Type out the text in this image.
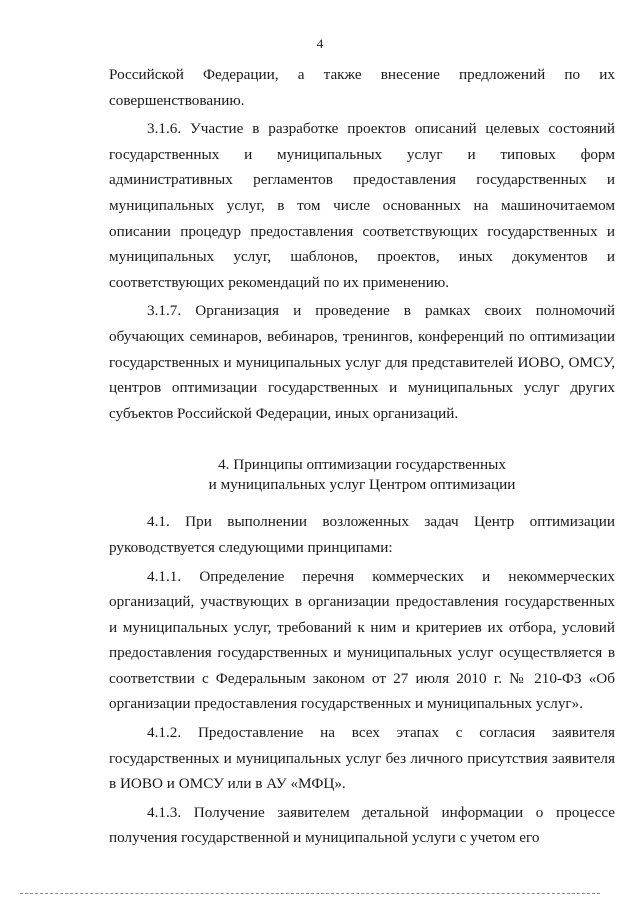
4

Российской Федерации, а также внесение предложений по их совершенствованию.

3.1.6. Участие в разработке проектов описаний целевых состояний государственных и муниципальных услуг и типовых форм административных регламентов предоставления государственных и муниципальных услуг, в том числе основанных на машиночитаемом описании процедур предоставления соответствующих государственных и муниципальных услуг, шаблонов, проектов, иных документов и соответствующих рекомендаций по их применению.

3.1.7. Организация и проведение в рамках своих полномочий обучающих семинаров, вебинаров, тренингов, конференций по оптимизации государственных и муниципальных услуг для представителей ИОВО, ОМСУ, центров оптимизации государственных и муниципальных услуг других субъектов Российской Федерации, иных организаций.

4. Принципы оптимизации государственных
и муниципальных услуг Центром оптимизации

4.1. При выполнении возложенных задач Центр оптимизации руководствуется следующими принципами:

4.1.1. Определение перечня коммерческих и некоммерческих организаций, участвующих в организации предоставления государственных и муниципальных услуг, требований к ним и критериев их отбора, условий предоставления государственных и муниципальных услуг осуществляется в соответствии с Федеральным законом от 27 июля 2010 г. № 210-ФЗ «Об организации предоставления государственных и муниципальных услуг».

4.1.2. Предоставление на всех этапах с согласия заявителя государственных и муниципальных услуг без личного присутствия заявителя в ИОВО и ОМСУ или в АУ «МФЦ».

4.1.3. Получение заявителем детальной информации о процессе получения государственной и муниципальной услуги с учетом его
